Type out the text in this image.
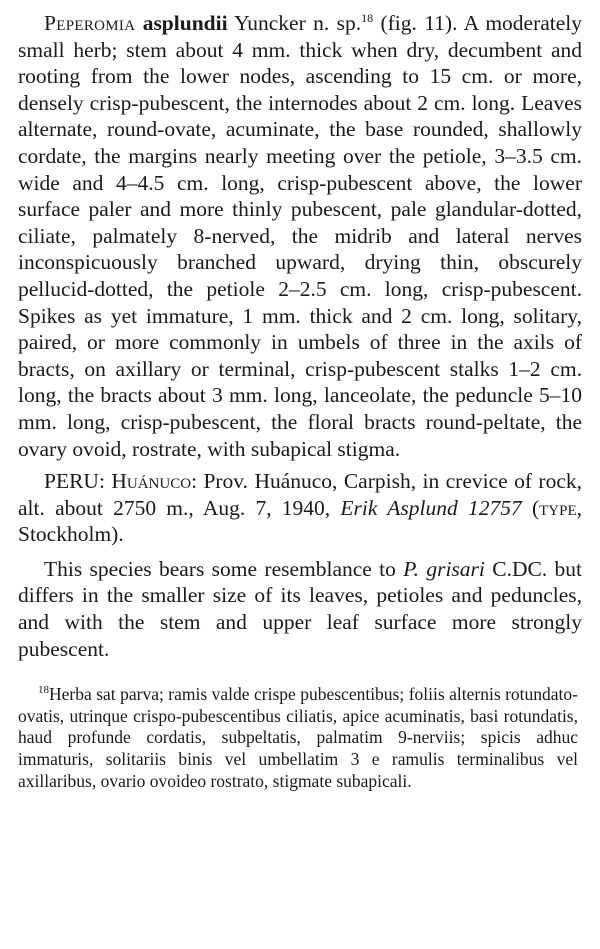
Peperomia asplundii Yuncker n. sp.$^{18}$ (fig. 11). A moderately small herb; stem about 4 mm. thick when dry, decumbent and rooting from the lower nodes, ascending to 15 cm. or more, densely crisp-pubescent, the internodes about 2 cm. long. Leaves alternate, round-ovate, acuminate, the base rounded, shallowly cordate, the margins nearly meeting over the petiole, 3–3.5 cm. wide and 4–4.5 cm. long, crisp-pubescent above, the lower surface paler and more thinly pubescent, pale glandular-dotted, ciliate, palmately 8-nerved, the midrib and lateral nerves inconspicuously branched upward, drying thin, obscurely pellucid-dotted, the petiole 2–2.5 cm. long, crisp-pubescent. Spikes as yet immature, 1 mm. thick and 2 cm. long, solitary, paired, or more commonly in umbels of three in the axils of bracts, on axillary or terminal, crisp-pubescent stalks 1–2 cm. long, the bracts about 3 mm. long, lanceolate, the peduncle 5–10 mm. long, crisp-pubescent, the floral bracts round-peltate, the ovary ovoid, rostrate, with subapical stigma.

PERU: Huánuco: Prov. Huánuco, Carpish, in crevice of rock, alt. about 2750 m., Aug. 7, 1940, Erik Asplund 12757 (type, Stockholm).

This species bears some resemblance to P. grisari C.DC. but differs in the smaller size of its leaves, petioles and peduncles, and with the stem and upper leaf surface more strongly pubescent.

$^{18}$Herba sat parva; ramis valde crispe pubescentibus; foliis alternis rotundato-ovatis, utrinque crispo-pubescentibus ciliatis, apice acuminatis, basi rotundatis, haud profunde cordatis, subpeltatis, palmatim 9-nerviis; spicis adhuc immaturis, solitariis binis vel umbellatim 3 e ramulis terminalibus vel axillaribus, ovario ovoideo rostrato, stigmate subapicali.
